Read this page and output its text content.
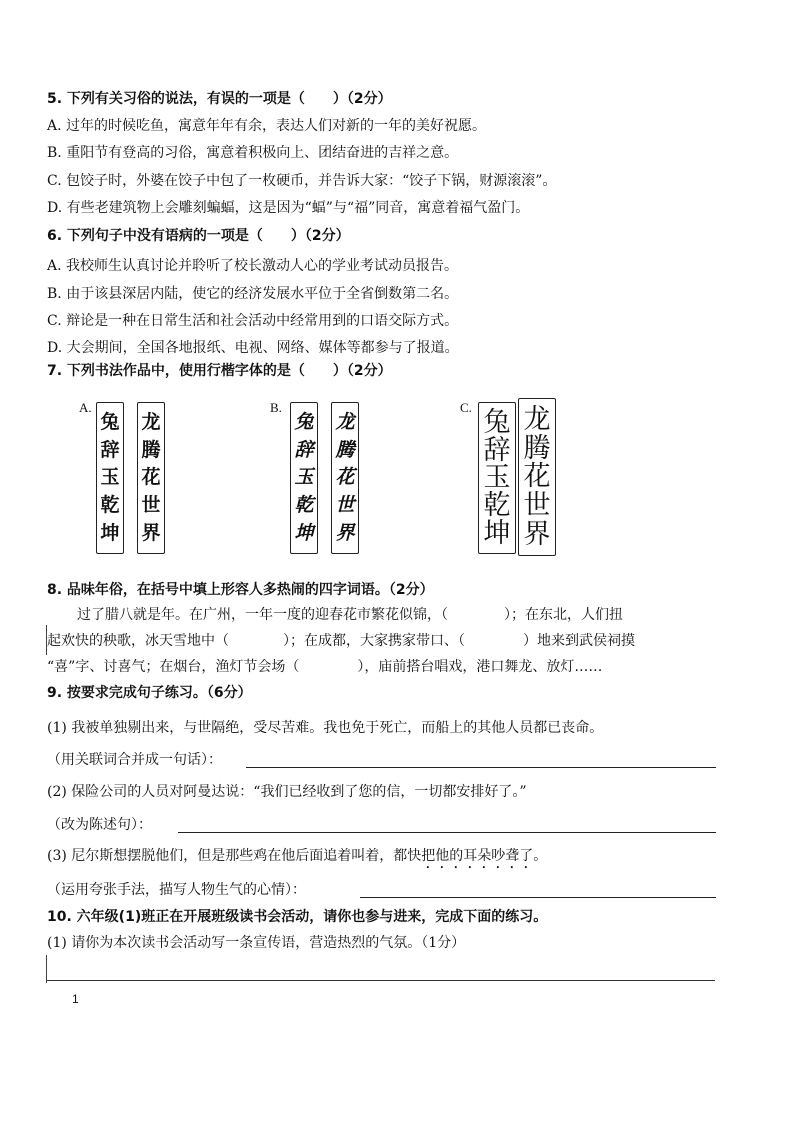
5. 下列有关习俗的说法，有误的一项是（　　）（2分）
A. 过年的时候吃鱼，寓意年年有余，表达人们对新的一年的美好祝愿。
B. 重阳节有登高的习俗，寓意着积极向上、团结奋进的吉祥之意。
C. 包饺子时，外婆在饺子中包了一枚硬币，并告诉大家：“饺子下锅，财源滚滚”。
D. 有些老建筑物上会雕刻蝙蝠，这是因为“蝠”与“福”同音，寓意着福气盈门。
6. 下列句子中没有语病的一项是（　　）（2分）
A. 我校师生认真讨论并聆听了校长激动人心的学业考试动员报告。
B. 由于该县深居内陆，使它的经济发展水平位于全省倒数第二名。
C. 辩论是一种在日常生活和社会活动中经常用到的口语交际方式。
D. 大会期间，全国各地报纸、电视、网络、媒体等都参与了报道。
7. 下列书法作品中，使用行楷字体的是（　　）（2分）
A.
兔
辞
玉
乾
坤
龙
腾
花
世
界
B.
兔
辞
玉
乾
坤
龙
腾
花
世
界
C. 兔
辞
玉
乾
坤
龙
腾
花
世
界
8. 品味年俗，在括号中填上形容人多热闹的四字词语。（2分）
过了腊八就是年。在广州，一年一度的迎春花市繁花似锦，（	）；在东北，人们扭
起欢快的秧歌，冰天雪地中（	）；在成都，大家携家带口、（	）地来到武侯祠摸
“喜”字、讨喜气；在烟台，渔灯节会场（	），庙前搭台唱戏，港口舞龙、放灯……
9. 按要求完成句子练习。（6分）
(1) 我被单独剔出来，与世隔绝，受尽苦难。我也免于死亡，而船上的其他人员都已丧命。
（用关联词合并成一句话）：
(2) 保险公司的人员对阿曼达说：“我们已经收到了您的信，一切都安排好了。”
（改为陈述句）：
(3) 尼尔斯想摆脱他们，但是那些鸡在他后面追着叫着，都快把他的耳朵吵聋了。
（运用夸张手法，描写人物生气的心情）：
10. 六年级(1)班正在开展班级读书会活动，请你也参与进来，完成下面的练习。
(1) 请你为本次读书会活动写一条宣传语，营造热烈的气氛。（1分）
1
